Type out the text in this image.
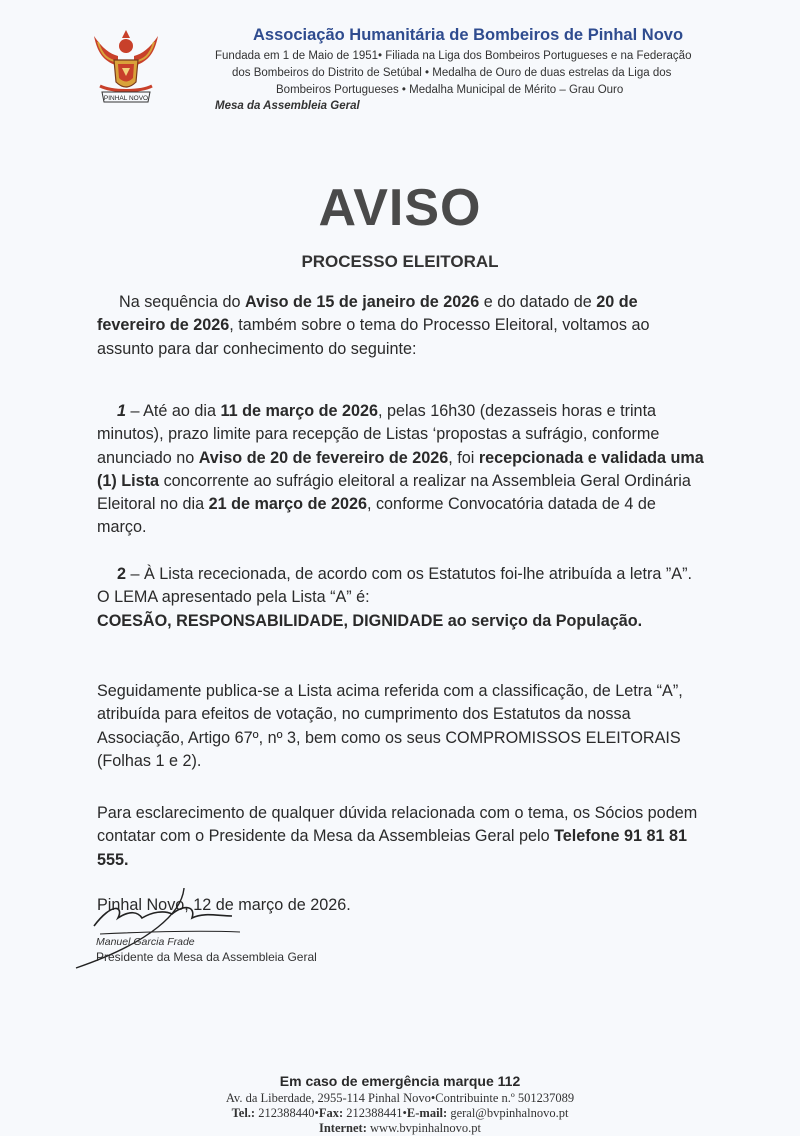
PINHAL NOVO
Associação Humanitária de Bombeiros de Pinhal Novo
Fundada em 1 de Maio de 1951• Filiada na Liga dos Bombeiros Portugueses e na Federação
dos Bombeiros do Distrito de Setúbal • Medalha de Ouro de duas estrelas da Liga dos
Bombeiros Portugueses • Medalha Municipal de Mérito – Grau Ouro
Mesa da Assembleia Geral
AVISO
PROCESSO ELEITORAL

Na sequência do Aviso de 15 de janeiro de 2026 e do datado de 20 de fevereiro de 2026, também sobre o tema do Processo Eleitoral, voltamos ao assunto para dar conhecimento do seguinte:

1 – Até ao dia 11 de março de 2026, pelas 16h30 (dezasseis horas e trinta minutos), prazo limite para recepção de Listas ‘propostas a sufrágio, conforme anunciado no Aviso de 20 de fevereiro de 2026, foi recepcionada e validada uma (1) Lista concorrente ao sufrágio eleitoral a realizar na Assembleia Geral Ordinária Eleitoral no dia 21 de março de 2026, conforme Convocatória datada de 4 de março.

2 – À Lista rececionada, de acordo com os Estatutos foi-lhe atribuída a letra ”A”.

O LEMA apresentado pela Lista “A” é:

COESÃO, RESPONSABILIDADE, DIGNIDADE ao serviço da População.

Seguidamente publica-se a Lista acima referida com a classificação, de Letra “A”, atribuída para efeitos de votação, no cumprimento dos Estatutos da nossa Associação, Artigo 67º, nº 3, bem como os seus COMPROMISSOS ELEITORAIS (Folhas 1 e 2).

Para esclarecimento de qualquer dúvida relacionada com o tema, os Sócios podem contatar com o Presidente da Mesa da Assembleias Geral pelo Telefone 91 81 81 555.

Pinhal Novo, 12 de março de 2026.
Manuel Garcia Frade
Presidente da Mesa da Assembleia Geral
Em caso de emergência marque 112
Av. da Liberdade, 2955-114 Pinhal Novo•Contribuinte n.º 501237089
Tel.: 212388440•Fax: 212388441•E-mail: geral@bvpinhalnovo.pt
Internet: www.bvpinhalnovo.pt
